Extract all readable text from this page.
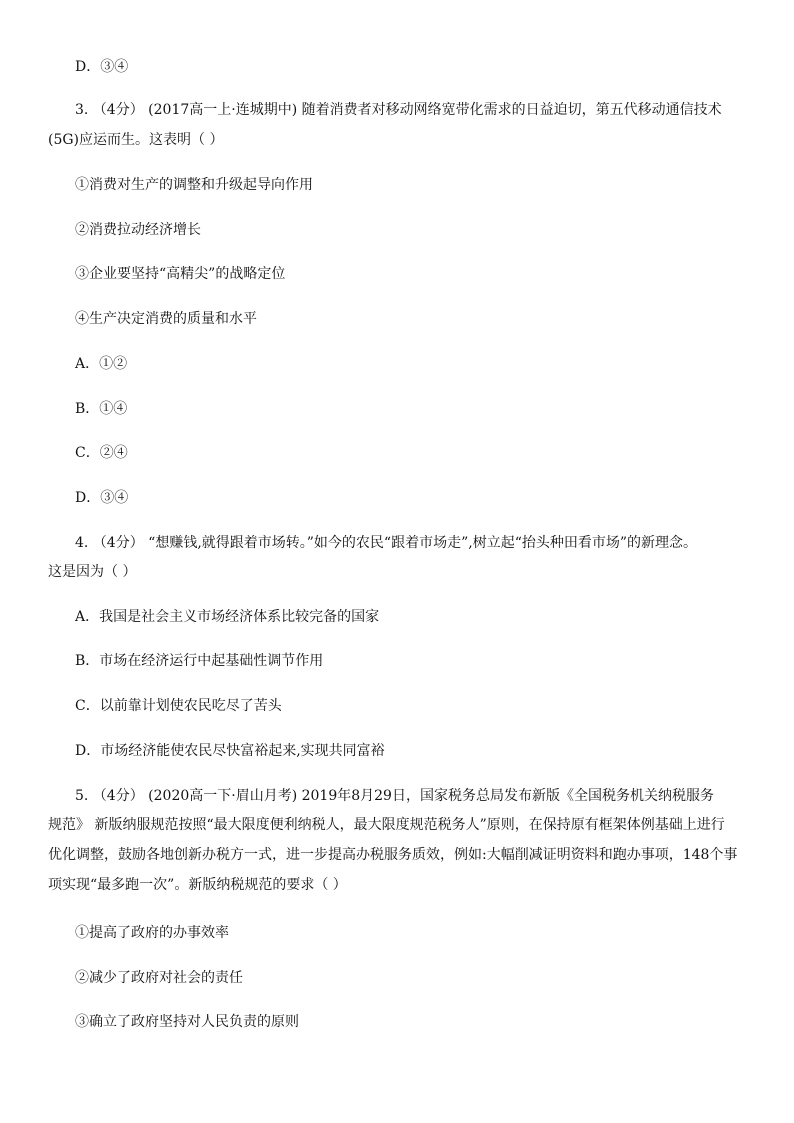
D．③④
3. （4分） (2017高一上·连城期中) 随着消费者对移动网络宽带化需求的日益迫切，第五代移动通信技术
(5G)应运而生。这表明（ ）
①消费对生产的调整和升级起导向作用
②消费拉动经济增长
③企业要坚持“高精尖”的战略定位
④生产决定消费的质量和水平
A．①②
B．①④
C．②④
D．③④
4. （4分） “想赚钱,就得跟着市场转。”如今的农民“跟着市场走”,树立起“抬头种田看市场”的新理念。
这是因为（ ）
A．我国是社会主义市场经济体系比较完备的国家
B．市场在经济运行中起基础性调节作用
C．以前靠计划使农民吃尽了苦头
D．市场经济能使农民尽快富裕起来,实现共同富裕
5. （4分） (2020高一下·眉山月考) 2019年8月29日，国家税务总局发布新版《全国税务机关纳税服务
规范》 新版纳服规范按照“最大限度便利纳税人，最大限度规范税务人”原则，在保持原有框架体例基础上进行
优化调整，鼓励各地创新办税方一式，进一步提高办税服务质效，例如:大幅削减证明资料和跑办事项，148个事
项实现“最多跑一次”。新版纳税规范的要求（ ）
①提高了政府的办事效率
②减少了政府对社会的责任
③确立了政府坚持对人民负责的原则
